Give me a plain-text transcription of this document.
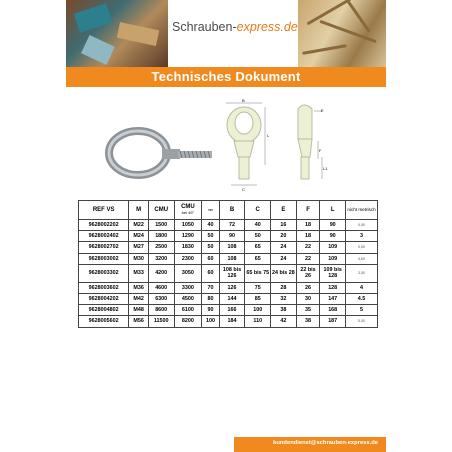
Schrauben-express.de
Technisches Dokument
B
L
C
E
F
L1
REF VS	M	CMU	CMU
bei 45°	mm	B	C	E	F	L	nicht metrisch
9628002202	M22	1500	1050	40	72	40	16	18	90	0,50
9628002402	M24	1800	1290	50	90	50	20	18	90	3
9628002702	M27	2500	1830	50	108	65	24	22	109	0,50
9628003002	M30	3200	2300	60	108	65	24	22	109	3,60
9628003302	M33	4200	3050	60	108 bis 126	65 bis 75	24 bis 28	22 bis 26	109 bis 128	3,50
9628003602	M36	4600	3300	70	126	75	28	26	128	4
9628004202	M42	6300	4500	80	144	85	32	30	147	4.5
9628004802	M48	8600	6100	90	166	100	38	35	168	5
9628005602	M56	11500	8200	100	184	110	42	38	187	5,50
kundendienst@schrauben-express.de
